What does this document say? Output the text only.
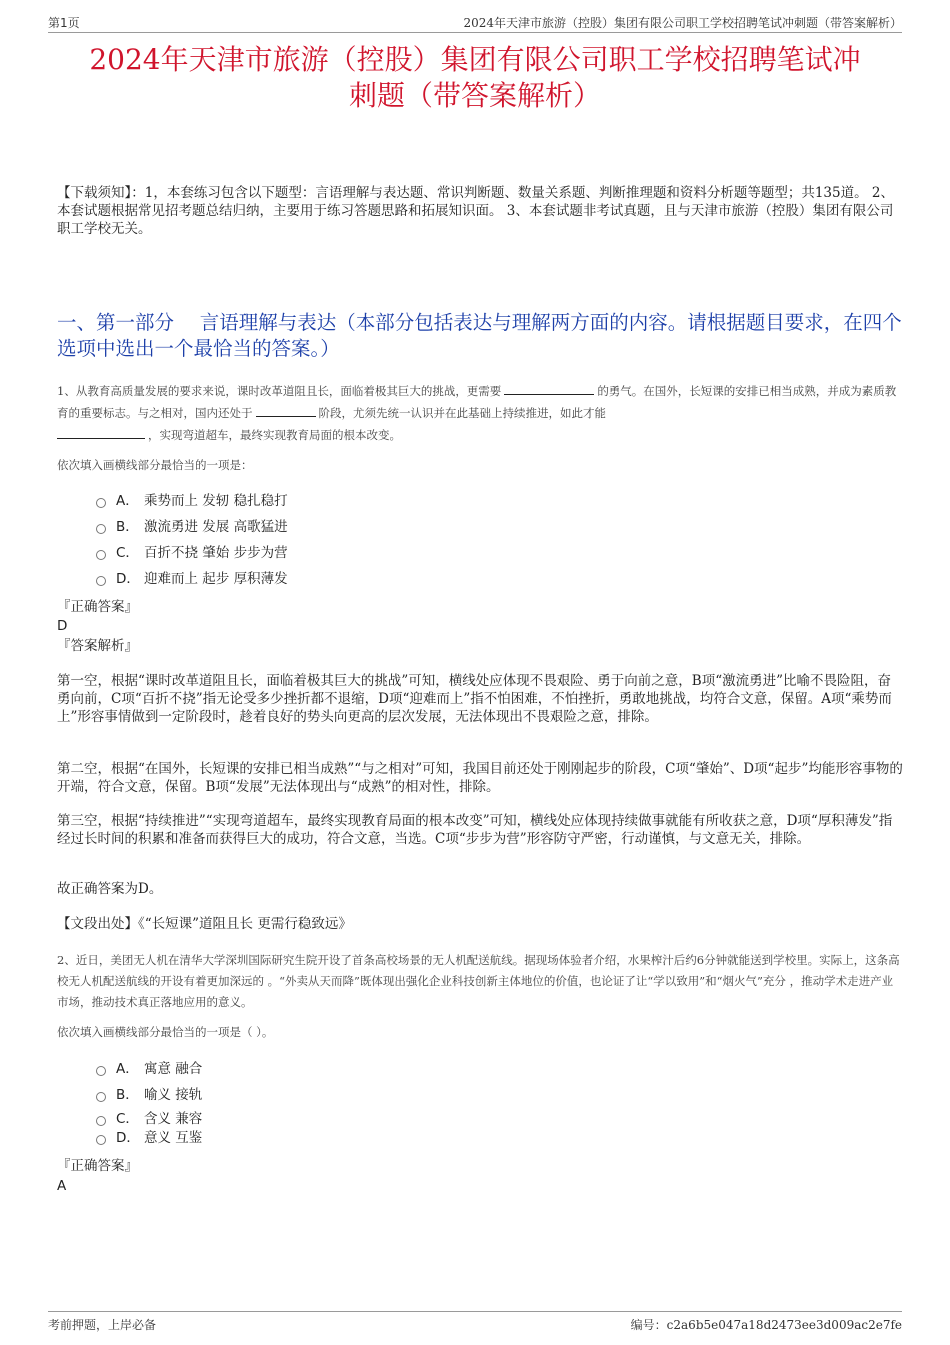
第1页	2024年天津市旅游（控股）集团有限公司职工学校招聘笔试冲刺题（带答案解析）
2024年天津市旅游（控股）集团有限公司职工学校招聘笔试冲
刺题（带答案解析）
【下载须知】：1，本套练习包含以下题型：言语理解与表达题、常识判断题、数量关系题、判断推理题和资料分析题等题型；共135道。 2、本套试题根据常见招考题总结归纳，主要用于练习答题思路和拓展知识面。 3、本套试题非考试真题，且与天津市旅游（控股）集团有限公司职工学校无关。
一、第一部分　 言语理解与表达（本部分包括表达与理解两方面的内容。请根据题目要求，在四个选项中选出一个最恰当的答案。）
1、从教育高质量发展的要求来说，课时改革道阻且长，面临着极其巨大的挑战，更需要	的勇气。在国外，长短课的安排已相当成熟，并成为素质教育的重要标志。与之相对，国内还处于	阶段，尤须先统一认识并在此基础上持续推进，如此才能
，实现弯道超车，最终实现教育局面的根本改变。
依次填入画横线部分最恰当的一项是：
A． 乘势而上 发轫 稳扎稳打
B． 激流勇进 发展 高歌猛进
C． 百折不挠 肇始 步步为营
D． 迎难而上 起步 厚积薄发
『正确答案』
D
『答案解析』
第一空，根据“课时改革道阻且长，面临着极其巨大的挑战”可知，横线处应体现不畏艰险、勇于向前之意，B项“激流勇进”比喻不畏险阻，奋勇向前，C项“百折不挠”指无论受多少挫折都不退缩，D项“迎难而上”指不怕困难，不怕挫折，勇敢地挑战，均符合文意，保留。A项“乘势而上”形容事情做到一定阶段时，趁着良好的势头向更高的层次发展，无法体现出不畏艰险之意，排除。
第二空，根据“在国外，长短课的安排已相当成熟”“与之相对”可知，我国目前还处于刚刚起步的阶段，C项“肇始”、D项“起步”均能形容事物的开端，符合文意，保留。B项“发展”无法体现出与“成熟”的相对性，排除。
第三空，根据“持续推进”“实现弯道超车，最终实现教育局面的根本改变”可知，横线处应体现持续做事就能有所收获之意，D项“厚积薄发”指经过长时间的积累和准备而获得巨大的成功，符合文意，当选。C项“步步为营”形容防守严密，行动谨慎，与文意无关，排除。
故正确答案为D。
【文段出处】《“长短课”道阻且长 更需行稳致远》
2、近日，美团无人机在清华大学深圳国际研究生院开设了首条高校场景的无人机配送航线。据现场体验者介绍，水果榨汁后约6分钟就能送到学校里。实际上，这条高校无人机配送航线的开设有着更加深远的 。“外卖从天而降”既体现出强化企业科技创新主体地位的价值，也论证了让“学以致用”和“烟火气”充分 ，推动学术走进产业市场，推动技术真正落地应用的意义。
依次填入画横线部分最恰当的一项是（ ）。
A． 寓意 融合
B． 喻义 接轨
C． 含义 兼容
D． 意义 互鉴
『正确答案』
A
考前押题，上岸必备	编号：c2a6b5e047a18d2473ee3d009ac2e7fe
